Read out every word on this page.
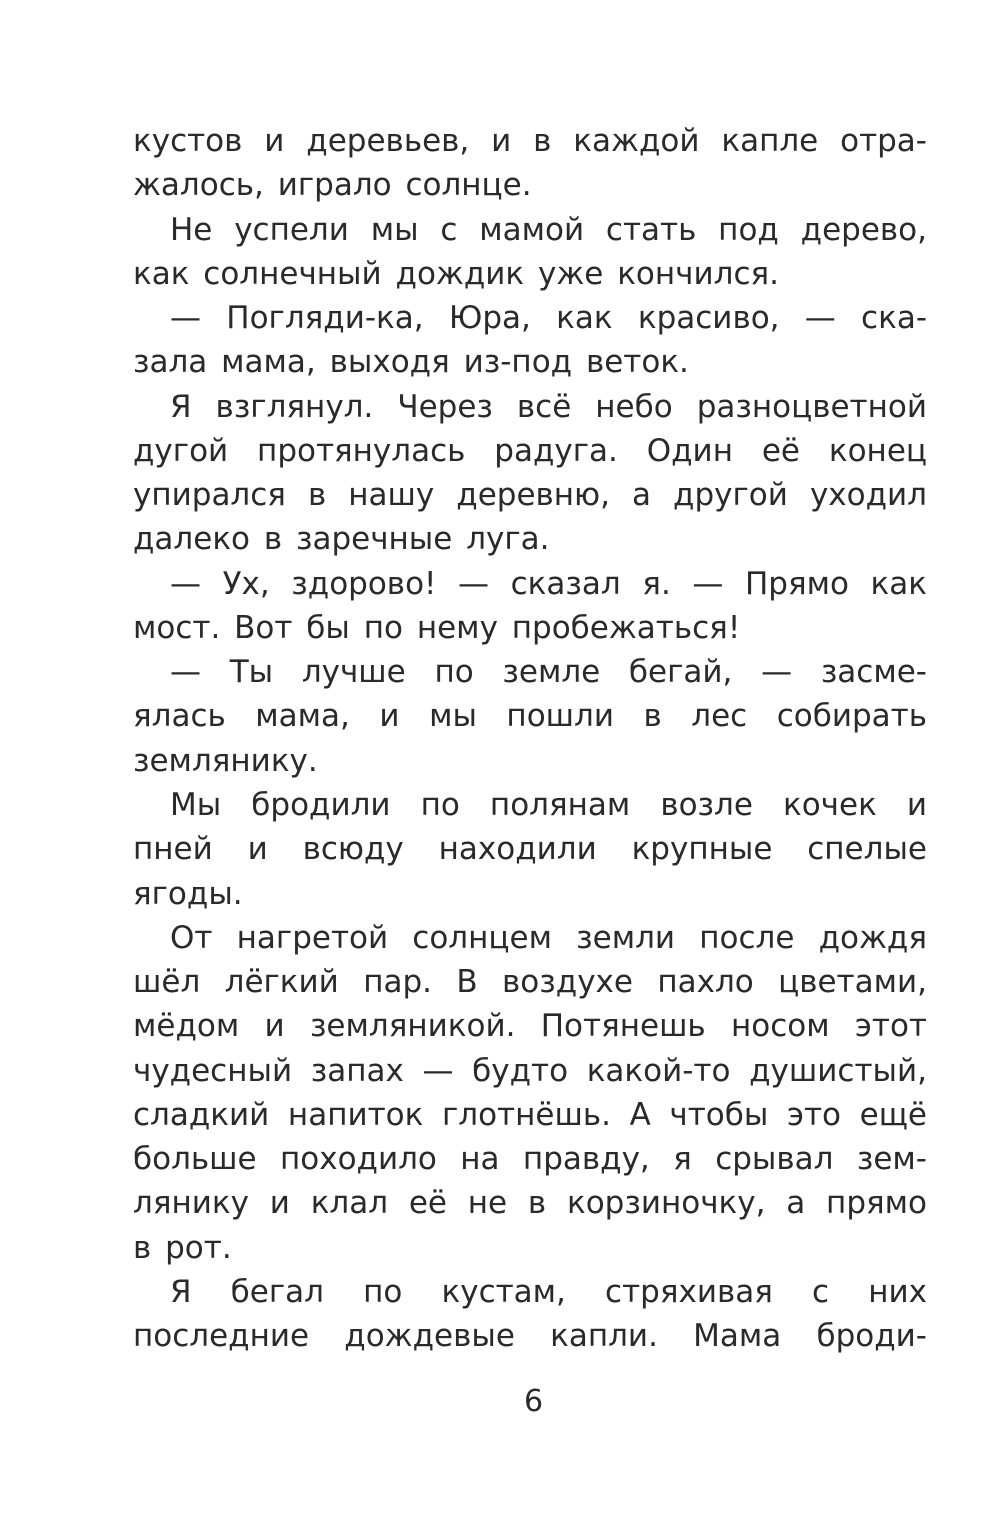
кустов и деревьев, и в каждой капле отра-
жалось, играло солнце.
Не успели мы с мамой стать под дерево,
как солнечный дождик уже кончился.
— Погляди-ка, Юра, как красиво, — ска-
зала мама, выходя из-под веток.
Я взглянул. Через всё небо разноцветной
дугой протянулась радуга. Один её конец
упирался в нашу деревню, а другой уходил
далеко в заречные луга.
— Ух, здорово! — сказал я. — Прямо как
мост. Вот бы по нему пробежаться!
— Ты лучше по земле бегай, — засме-
ялась мама, и мы пошли в лес собирать
землянику.
Мы бродили по полянам возле кочек и
пней и всюду находили крупные спелые
ягоды.
От нагретой солнцем земли после дождя
шёл лёгкий пар. В воздухе пахло цветами,
мёдом и земляникой. Потянешь носом этот
чудесный запах — будто какой-то душистый,
сладкий напиток глотнёшь. А чтобы это ещё
больше походило на правду, я срывал зем-
лянику и клал её не в корзиночку, а прямо
в рот.
Я бегал по кустам, стряхивая с них
последние дождевые капли. Мама броди-
6
